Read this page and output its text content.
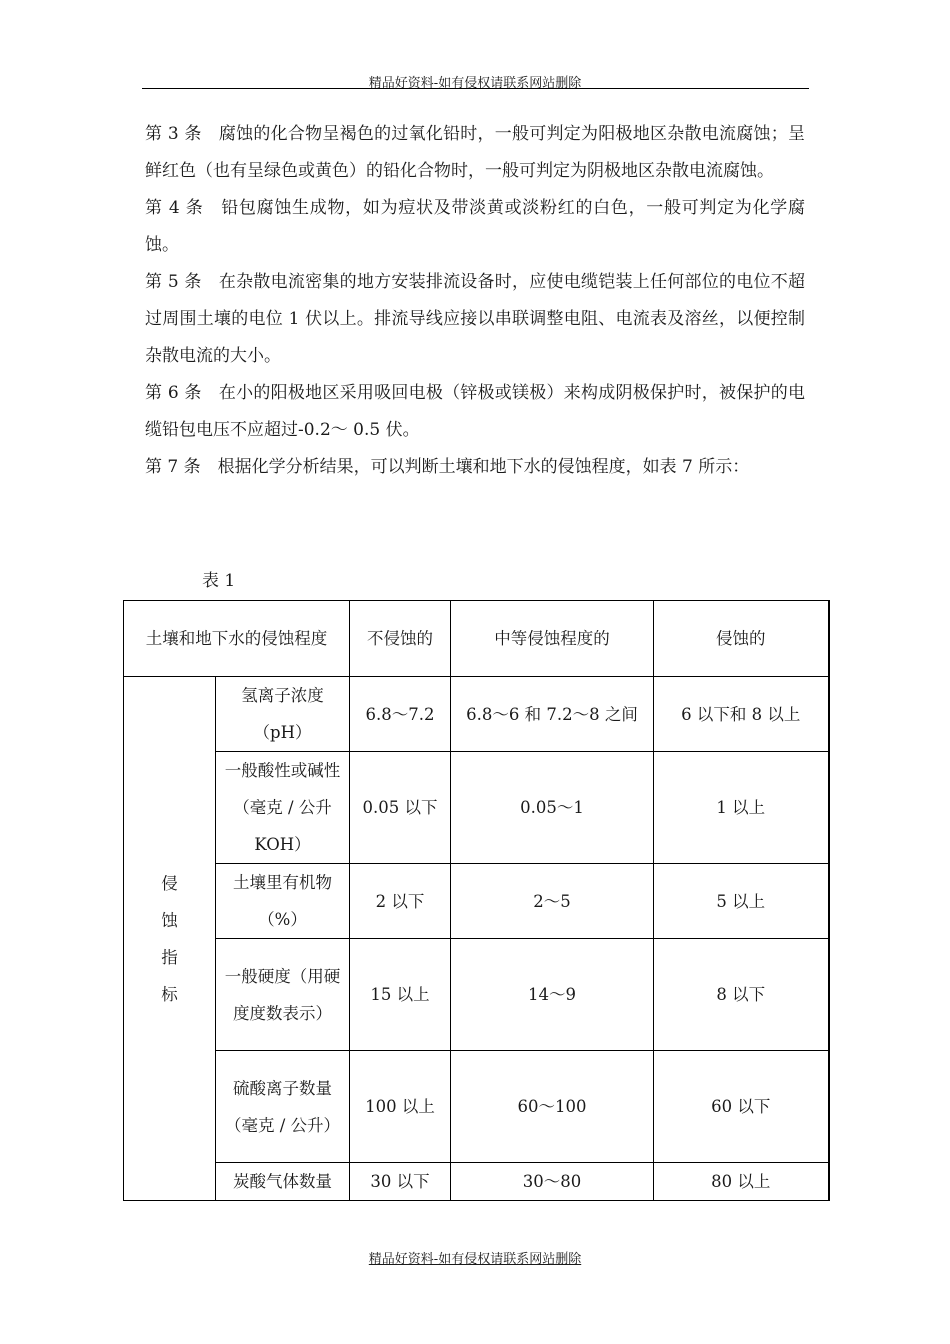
精品好资料-如有侵权请联系网站删除

第 3 条　腐蚀的化合物呈褐色的过氧化铅时，一般可判定为阳极地区杂散电流腐蚀；呈鲜红色（也有呈绿色或黄色）的铅化合物时，一般可判定为阴极地区杂散电流腐蚀。

第 4 条　铅包腐蚀生成物，如为痘状及带淡黄或淡粉红的白色，一般可判定为化学腐蚀。

第 5 条　在杂散电流密集的地方安装排流设备时，应使电缆铠装上任何部位的电位不超过周围土壤的电位 1 伏以上。排流导线应接以串联调整电阻、电流表及溶丝，以便控制杂散电流的大小。

第 6 条　在小的阳极地区采用吸回电极（锌极或镁极）来构成阴极保护时，被保护的电缆铅包电压不应超过-0.2～ 0.5 伏。

第 7 条　根据化学分析结果，可以判断土壤和地下水的侵蚀程度，如表 7 所示：

表 1
土壤和地下水的侵蚀程度		不侵蚀的	中等侵蚀程度的	侵蚀的

侵
蚀
指
标	氢离子浓度（pH）	6.8～7.2	6.8～6 和 7.2～8 之间	6 以下和 8 以上
	一般酸性或碱性（毫克 / 公升 KOH）	0.05 以下	0.05～1	1 以上
	土壤里有机物（%）	2 以下	2～5	5 以上
	一般硬度（用硬度度数表示）	15 以上	14～9	8 以下
	硫酸离子数量（毫克 / 公升）	100 以上	60～100	60 以下
	炭酸气体数量	30 以下	30～80	80 以上
精品好资料-如有侵权请联系网站删除
